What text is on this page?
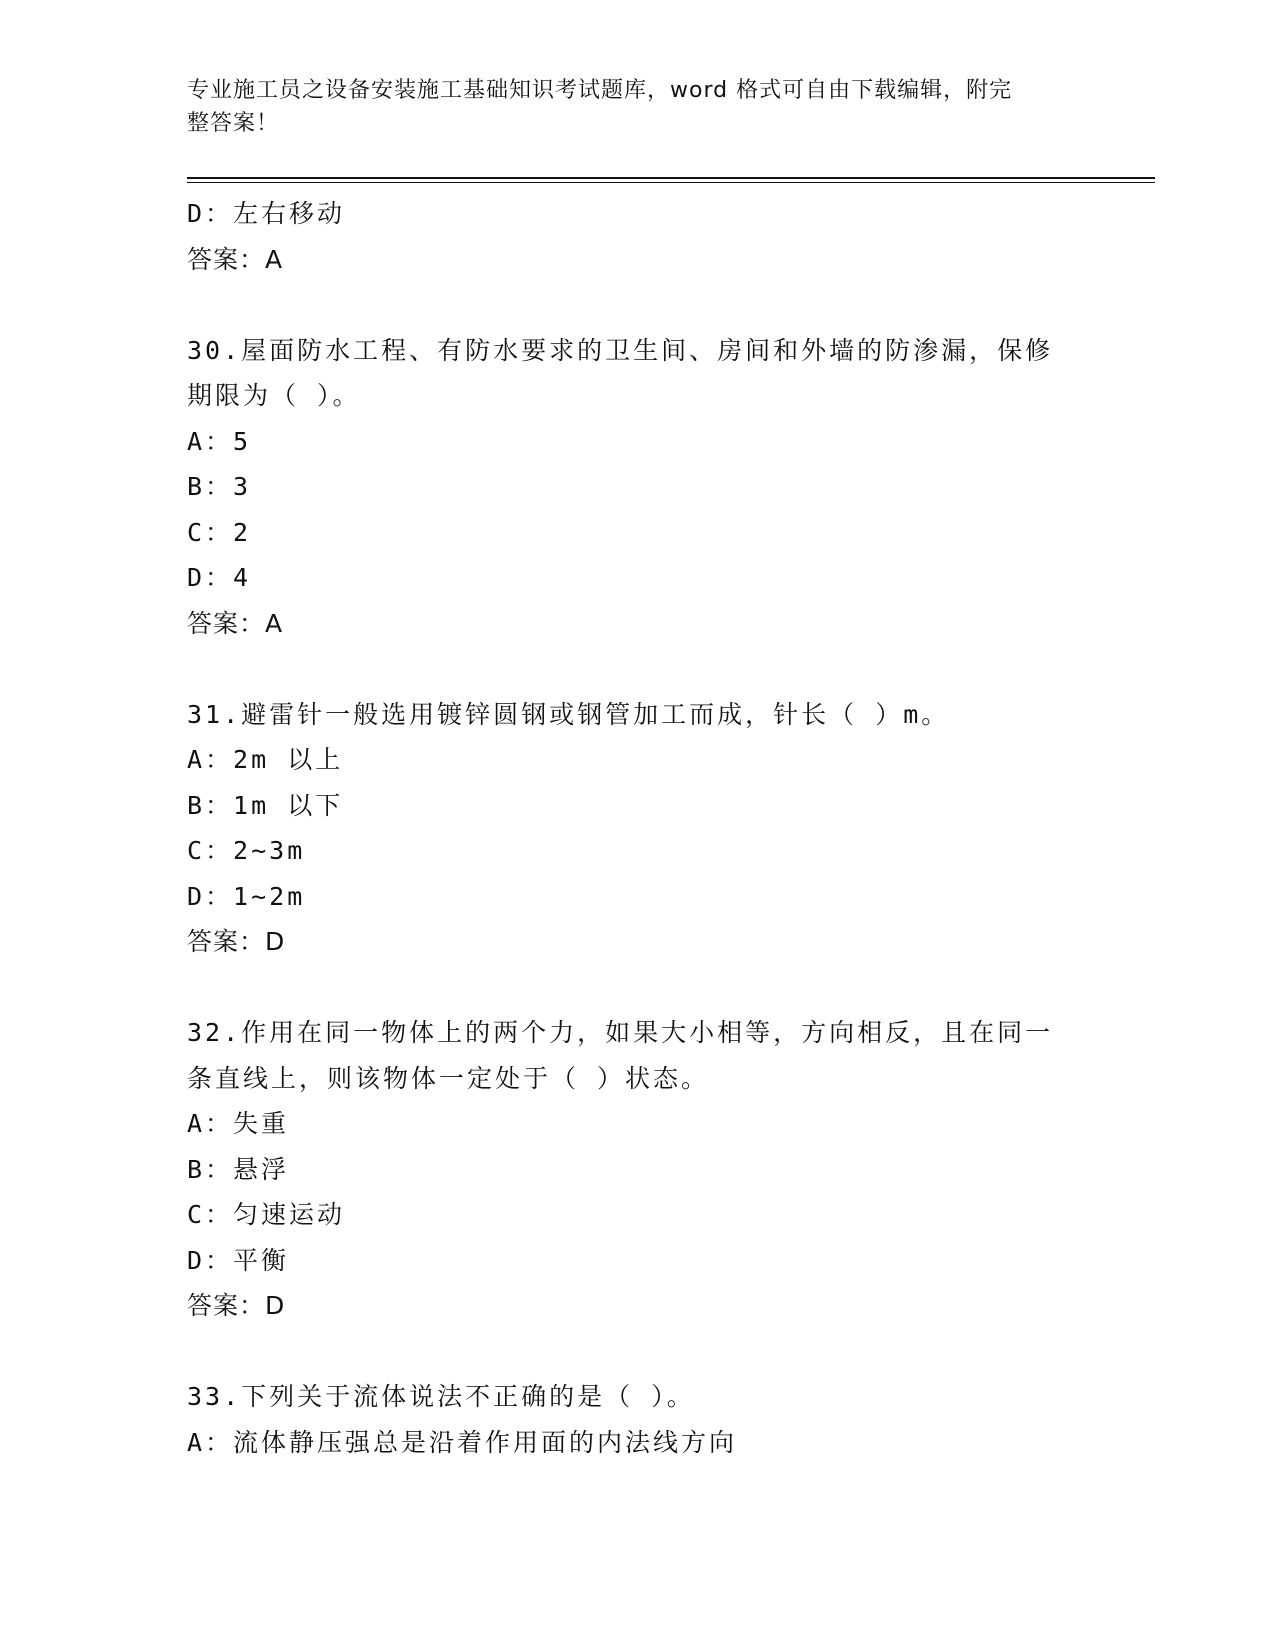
专业施工员之设备安装施工基础知识考试题库，word 格式可自由下载编辑，附完
整答案！
D：左右移动
答案：A
30.屋面防水工程、有防水要求的卫生间、房间和外墙的防渗漏，保修
期限为（ ）。
A：5
B：3
C：2
D：4
答案：A
31.避雷针一般选用镀锌圆钢或钢管加工而成，针长（ ）m。
A：2m 以上
B：1m 以下
C：2~3m
D：1~2m
答案：D
32.作用在同一物体上的两个力，如果大小相等，方向相反，且在同一
条直线上，则该物体一定处于（ ）状态。
A：失重
B：悬浮
C：匀速运动
D：平衡
答案：D
33.下列关于流体说法不正确的是（ ）。
A：流体静压强总是沿着作用面的内法线方向
